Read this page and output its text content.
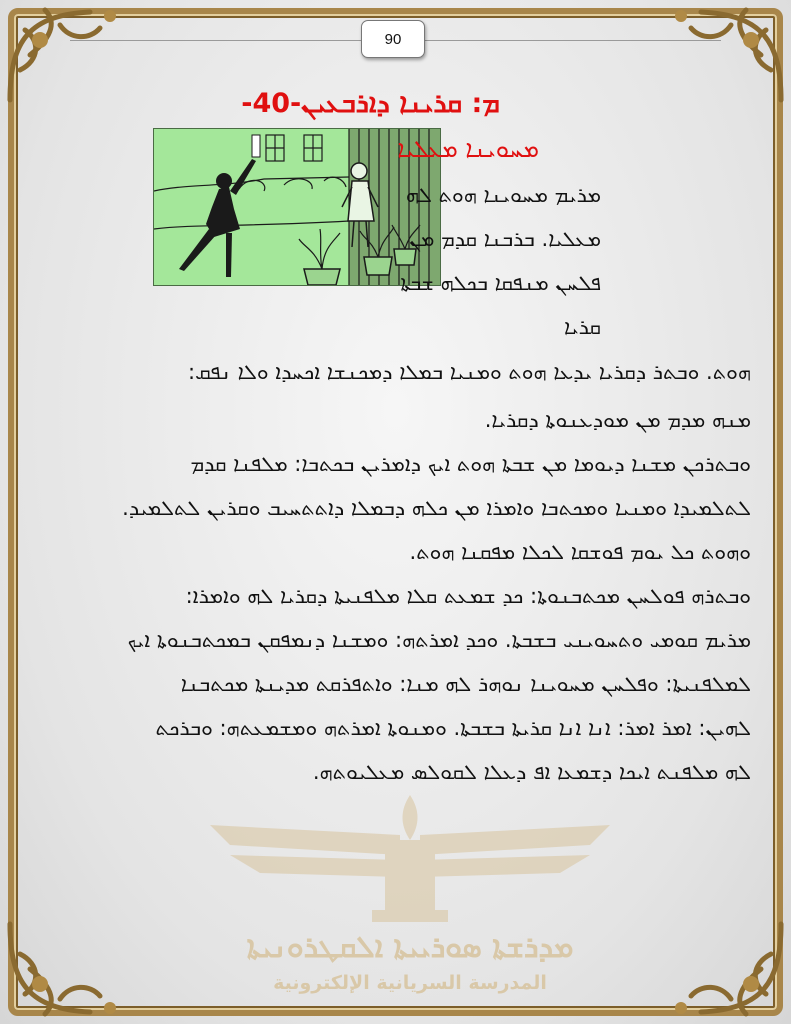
90
ܡ: ܩܪܝܢܐ ܕܐܪܒܥܝܢ-40-
ܡܚܘܝܢܐ ܡܥܠܝܐ
ܡܪܝܡ ܡܚܘܝܢܐ ܗܘܬ ܠܗ
ܡܥܠܝܐ. ܒܪܒܢܐ ܩܕܡ ܡܢ
ܦܠܚܢ ܡܢܦܩܐ ܒܟܠܗ ܫܒܬܐ
ܩܪܝܐ
ܗܘܬ. ܘܒܬܪ ܕܩܪܝܐ ܝܕܥܐ ܗܘܬ ܘܡܢܝܐ ܒܡܠܐ ܕܡܟܢܫܐ ܐܟܚܕܐ ܘܠܐ ܢܦܩ:
ܡܢܗ ܡܕܡ ܡܢ ܡܘܕܥܢܘܬܐ ܕܩܪܝܐ.
ܘܒܬܪܟܢ ܡܫܢܐ ܕܝܘܡܐ ܡܢ ܫܒܬܐ ܗܘܬ ܐܝܟ ܕܐܡܪܝܢ ܒܟܬܒܐ: ܡܠܦܢܐ ܩܕܡ
ܠܬܠܡܝܕܐ ܘܡܢܝܐ ܘܡܟܬܒܐ ܘܐܡܪܐ ܡܢ ܟܠܗ ܕܒܡܠܐ ܕܐܬܬܚܝܒ ܘܩܪܝܢ ܠܬܠܡܝܕ.
ܘܗܘܬ ܟܠ ܝܘܡ ܦܘܫܩܐ ܠܟܠܐ ܡܦܩܢܐ ܗܘܬ.
ܘܒܬܪܗ ܦܘܠܚܢ ܡܟܬܒܢܘܬܐ: ܟܕ ܫܡܥܬ ܩܠܐ ܡܠܦܢܝܬܐ ܕܩܪܝܐ ܠܗ ܘܐܡܪܐ:
ܡܪܝܡ ܩܘܡܝ ܘܬܚܘܝܢܝ ܒܫܒܬܐ. ܘܟܕ ܐܡܪܬܗ: ܘܡܫܢܐ ܕܢܡܦܩܢ ܒܡܟܬܒܢܘܬܐ ܐܝܟ
ܠܡܠܦܢܝܬܐ: ܘܦܠܚܢ ܡܚܘܝܢܐ ܢܘܗܪ ܠܗ ܡܢܐ: ܘܐܬܦܪܩܬ ܡܕܝܢܬܐ ܡܟܬܒܢܐ
ܠܗܝܢ: ܐܡܪ ܐܡܪ: ܐܢܐ ܐܢܐ ܩܪܝܬܐ ܒܫܒܬܐ. ܘܡܢܘܬܐ ܐܡܪܬܗ ܘܡܫܡܥܬܗ: ܘܒܪܟܬ
ܠܗ ܡܠܦܢܬ ܐܝܟܐ ܕܫܡܥܐ ܐܦ ܕܥܠܐ ܠܩܘܠܣ ܡܥܠܝܘܬܗ.
ܡܕܪܫܬܐ ܣܘܪܝܝܬܐ ܐܠܩܛܪܘܢܝܬܐ
المدرسة السريانية الإلكترونية
